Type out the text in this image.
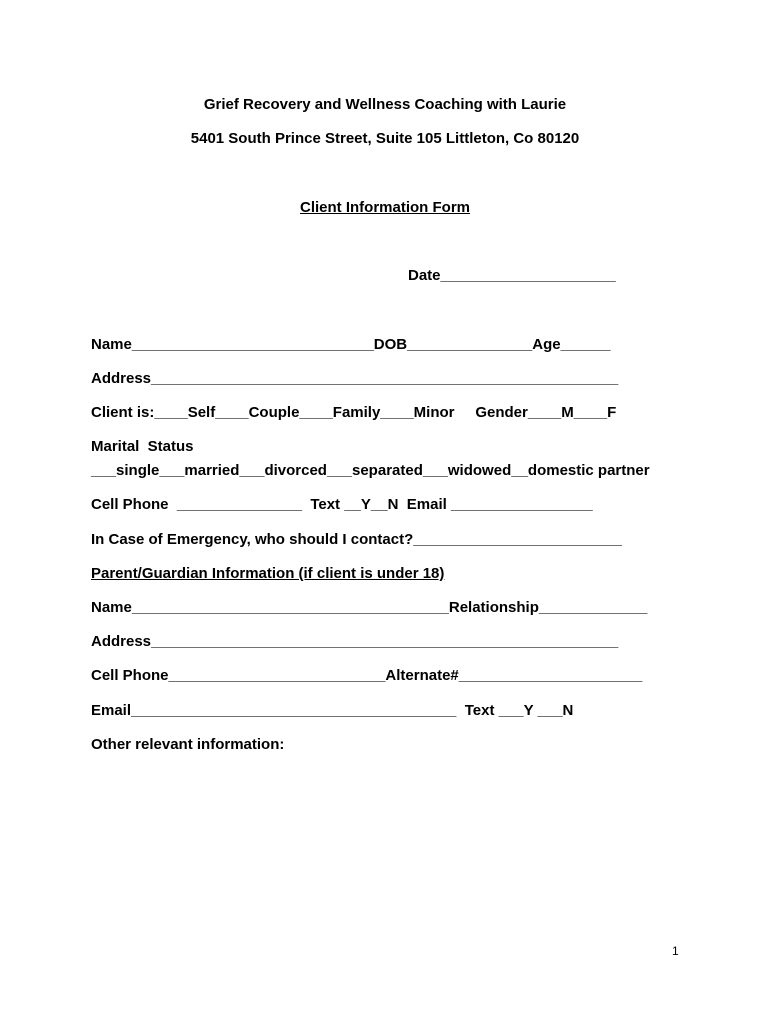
Grief Recovery and Wellness Coaching with Laurie
5401 South Prince Street, Suite 105 Littleton, Co 80120
Client Information Form
Date_____________________
Name_____________________________DOB_______________Age______
Address________________________________________________________
Client is:____Self____Couple____Family____Minor     Gender____M____F
Marital  Status
___single___married___divorced___separated___widowed__domestic partner
Cell Phone  _______________  Text __Y__N  Email _________________
In Case of Emergency, who should I contact?_________________________
Parent/Guardian Information (if client is under 18)
Name______________________________________Relationship_____________
Address________________________________________________________
Cell Phone__________________________Alternate#______________________
Email_______________________________________  Text ___Y ___N
Other relevant information:
1
